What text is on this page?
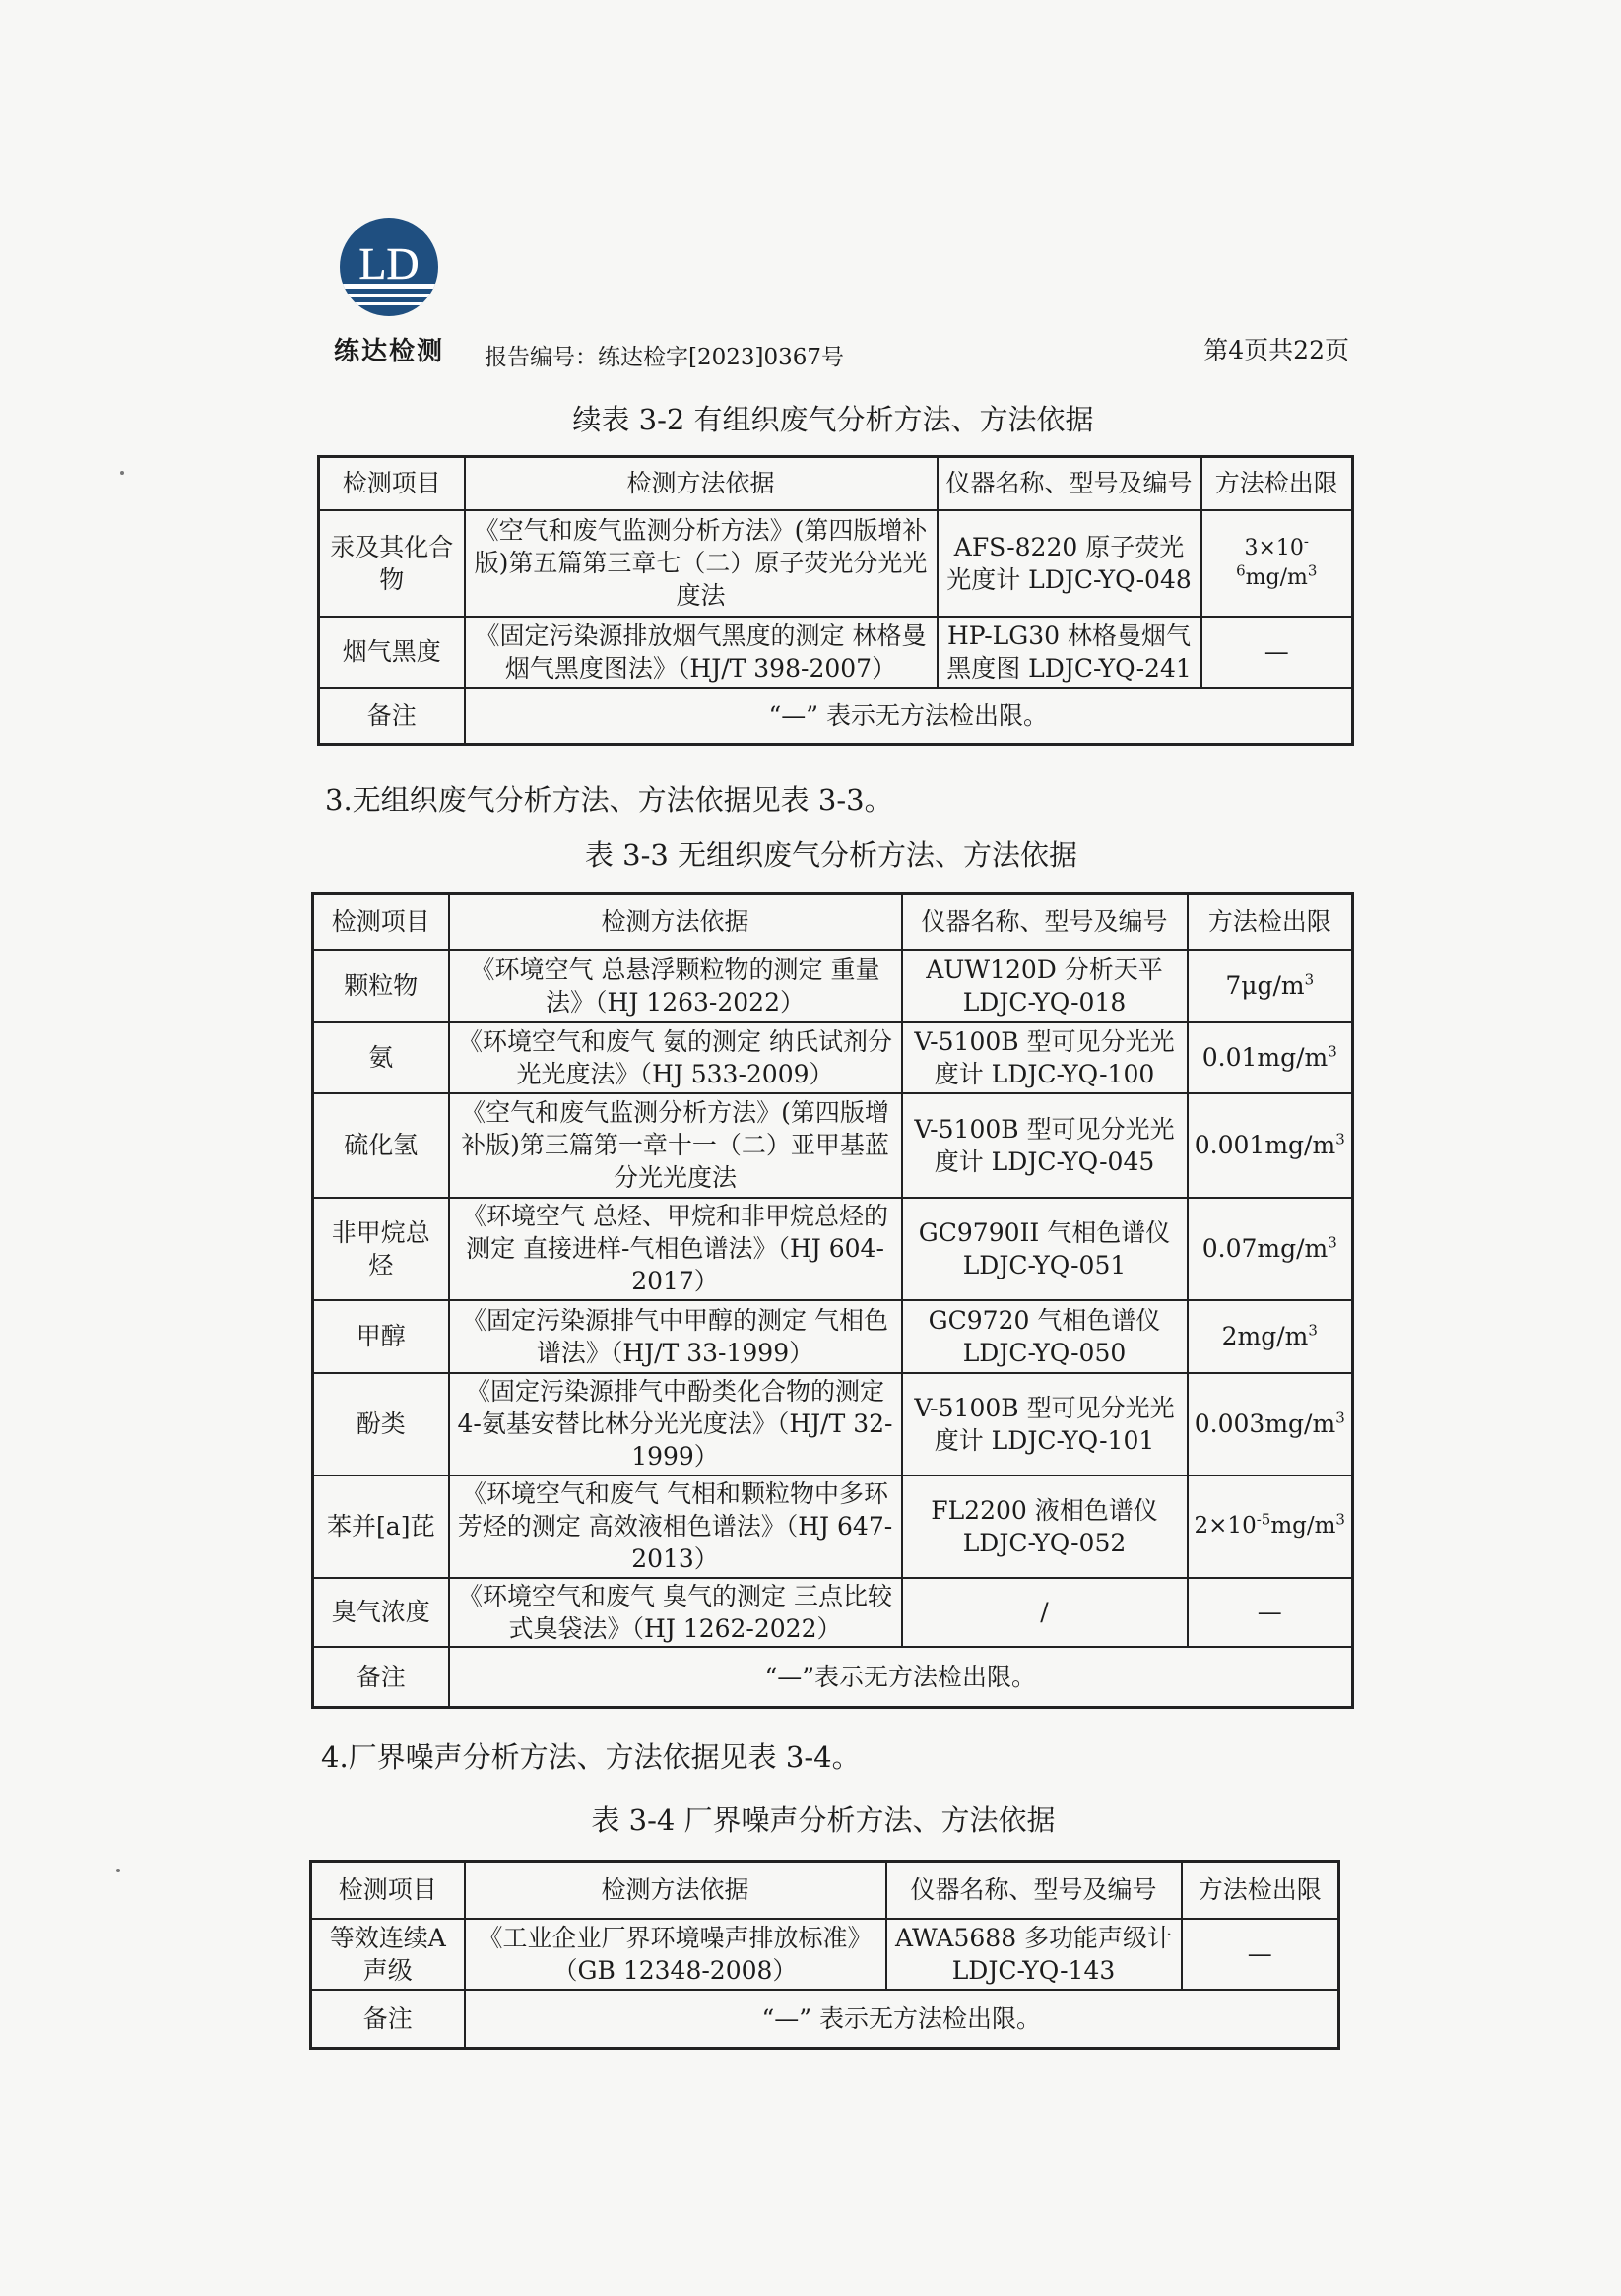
LD
练达检测	报告编号：练达检字[2023]0367号	第4页共22页
续表 3-2 有组织废气分析方法、方法依据
检测项目	检测方法依据	仪器名称、型号及编号	方法检出限
汞及其化合物	《空气和废气监测分析方法》(第四版增补版)第五篇第三章七（二）原子荧光分光光度法	AFS-8220 原子荧光光度计 LDJC-YQ-048	$3\times 10^{-6}mg/m^3$
烟气黑度	《固定污染源排放烟气黑度的测定 林格曼烟气黑度图法》（HJ/T 398-2007）	HP-LG30 林格曼烟气黑度图 LDJC-YQ-241	—
备注	“—” 表示无方法检出限。		
3.无组织废气分析方法、方法依据见表 3-3。
表 3-3 无组织废气分析方法、方法依据
检测项目	检测方法依据	仪器名称、型号及编号	方法检出限
颗粒物	《环境空气 总悬浮颗粒物的测定 重量法》（HJ 1263-2022）	AUW120D 分析天平 LDJC-YQ-018	$7\mu g/m^3$
氨	《环境空气和废气 氨的测定 纳氏试剂分光光度法》（HJ 533-2009）	V-5100B 型可见分光光度计 LDJC-YQ-100	$0.01mg/m^3$
硫化氢	《空气和废气监测分析方法》(第四版增补版)第三篇第一章十一（二）亚甲基蓝分光光度法	V-5100B 型可见分光光度计 LDJC-YQ-045	$0.001mg/m^3$
非甲烷总烃	《环境空气 总烃、甲烷和非甲烷总烃的测定 直接进样-气相色谱法》（HJ 604-2017）	GC9790II 气相色谱仪 LDJC-YQ-051	$0.07mg/m^3$
甲醇	《固定污染源排气中甲醇的测定 气相色谱法》（HJ/T 33-1999）	GC9720 气相色谱仪 LDJC-YQ-050	$2mg/m^3$
酚类	《固定污染源排气中酚类化合物的测定 4-氨基安替比林分光光度法》（HJ/T 32-1999）	V-5100B 型可见分光光度计 LDJC-YQ-101	$0.003mg/m^3$
苯并[a]芘	《环境空气和废气 气相和颗粒物中多环芳烃的测定 高效液相色谱法》（HJ 647-2013）	FL2200 液相色谱仪 LDJC-YQ-052	$2\times 10^{-5}mg/m^3$
臭气浓度	《环境空气和废气 臭气的测定 三点比较式臭袋法》（HJ 1262-2022）	/	—
备注	“—”表示无方法检出限。		
4.厂界噪声分析方法、方法依据见表 3-4。
表 3-4 厂界噪声分析方法、方法依据
检测项目	检测方法依据	仪器名称、型号及编号	方法检出限
等效连续A声级	《工业企业厂界环境噪声排放标准》（GB 12348-2008）	AWA5688 多功能声级计 LDJC-YQ-143	—
备注	“—” 表示无方法检出限。		
